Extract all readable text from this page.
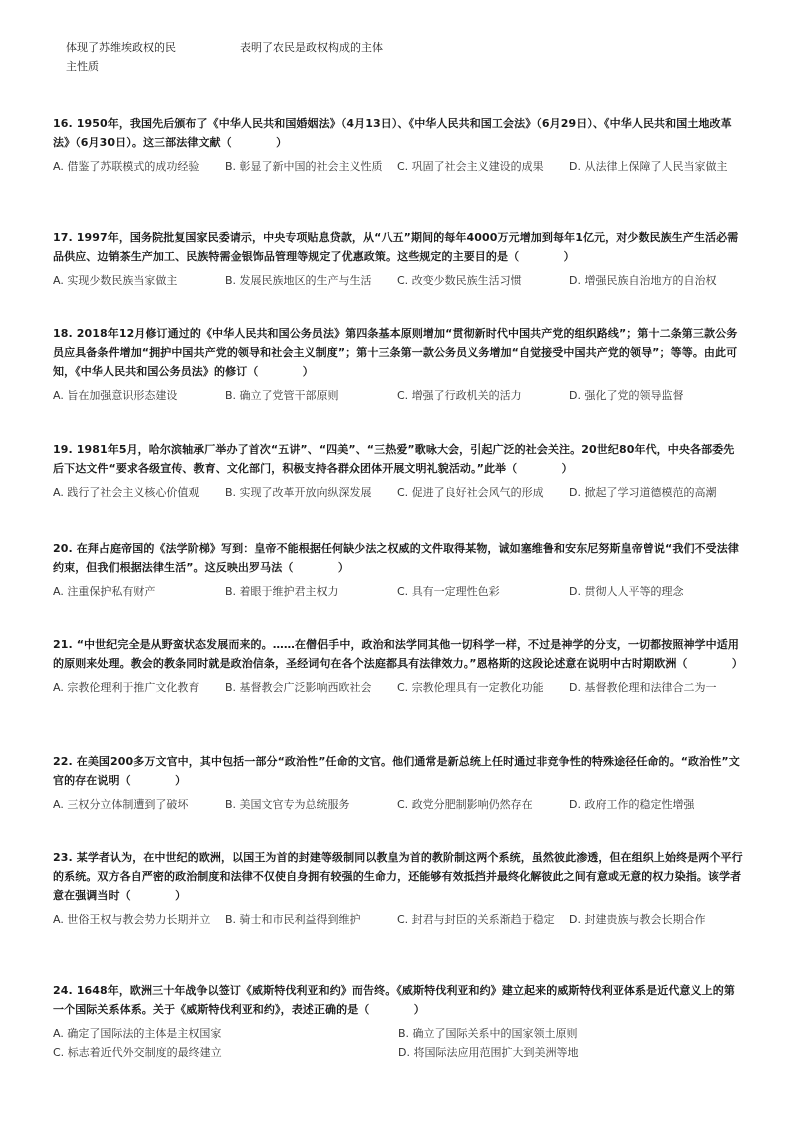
体现了苏维埃政权的民主性质
表明了农民是政权构成的主体
16. 1950年，我国先后颁布了《中华人民共和国婚姻法》（4月13日）、《中华人民共和国工会法》（6月29日）、《中华人民共和国土地改革法》（6月30日）。这三部法律文献（　　　　）
A. 借鉴了苏联模式的成功经验	B. 彰显了新中国的社会主义性质	C. 巩固了社会主义建设的成果	D. 从法律上保障了人民当家做主
17. 1997年，国务院批复国家民委请示，中央专项贴息贷款，从“八五”期间的每年4000万元增加到每年1亿元，对少数民族生产生活必需品供应、边销茶生产加工、民族特需金银饰品管理等规定了优惠政策。这些规定的主要目的是（　　　　）
A. 实现少数民族当家做主	B. 发展民族地区的生产与生活	C. 改变少数民族生活习惯	D. 增强民族自治地方的自治权
18. 2018年12月修订通过的《中华人民共和国公务员法》第四条基本原则增加“贯彻新时代中国共产党的组织路线”；第十二条第三款公务员应具备条件增加“拥护中国共产党的领导和社会主义制度”；第十三条第一款公务员义务增加“自觉接受中国共产党的领导”；等等。由此可知，《中华人民共和国公务员法》的修订（　　　　）
A. 旨在加强意识形态建设	B. 确立了党管干部原则	C. 增强了行政机关的活力	D. 强化了党的领导监督
19. 1981年5月，哈尔滨轴承厂举办了首次“五讲”、“四美”、“三热爱”歌咏大会，引起广泛的社会关注。20世纪80年代，中央各部委先后下达文件“要求各级宣传、教育、文化部门，积极支持各群众团体开展文明礼貌活动。”此举（　　　　）
A. 践行了社会主义核心价值观	B. 实现了改革开放向纵深发展	C. 促进了良好社会风气的形成	D. 掀起了学习道德模范的高潮
20. 在拜占庭帝国的《法学阶梯》写到：皇帝不能根据任何缺少法之权威的文件取得某物，诚如塞维鲁和安东尼努斯皇帝曾说“我们不受法律约束，但我们根据法律生活”。这反映出罗马法（　　　　）
A. 注重保护私有财产	B. 着眼于维护君主权力	C. 具有一定理性色彩	D. 贯彻人人平等的理念
21. “中世纪完全是从野蛮状态发展而来的。……在僧侣手中，政治和法学同其他一切科学一样，不过是神学的分支，一切都按照神学中适用的原则来处理。教会的教条同时就是政治信条，圣经词句在各个法庭都具有法律效力。”恩格斯的这段论述意在说明中古时期欧洲（　　　　）
A. 宗教伦理利于推广文化教育	B. 基督教会广泛影响西欧社会	C. 宗教伦理具有一定教化功能	D. 基督教伦理和法律合二为一
22. 在美国200多万文官中，其中包括一部分“政治性”任命的文官。他们通常是新总统上任时通过非竞争性的特殊途径任命的。“政治性”文官的存在说明（　　　　）
A. 三权分立体制遭到了破坏	B. 美国文官专为总统服务	C. 政党分肥制影响仍然存在	D. 政府工作的稳定性增强
23. 某学者认为，在中世纪的欧洲，以国王为首的封建等级制同以教皇为首的教阶制这两个系统，虽然彼此渗透，但在组织上始终是两个平行的系统。双方各自严密的政治制度和法律不仅使自身拥有较强的生命力，还能够有效抵挡并最终化解彼此之间有意或无意的权力染指。该学者意在强调当时（　　　　）
A. 世俗王权与教会势力长期并立	B. 骑士和市民利益得到维护	C. 封君与封臣的关系渐趋于稳定	D. 封建贵族与教会长期合作
24. 1648年，欧洲三十年战争以签订《威斯特伐利亚和约》而告终。《威斯特伐利亚和约》建立起来的威斯特伐利亚体系是近代意义上的第一个国际关系体系。关于《威斯特伐利亚和约》，表述正确的是（　　　　）
A. 确定了国际法的主体是主权国家	B. 确立了国际关系中的国家领土原则
C. 标志着近代外交制度的最终建立	D. 将国际法应用范围扩大到美洲等地
